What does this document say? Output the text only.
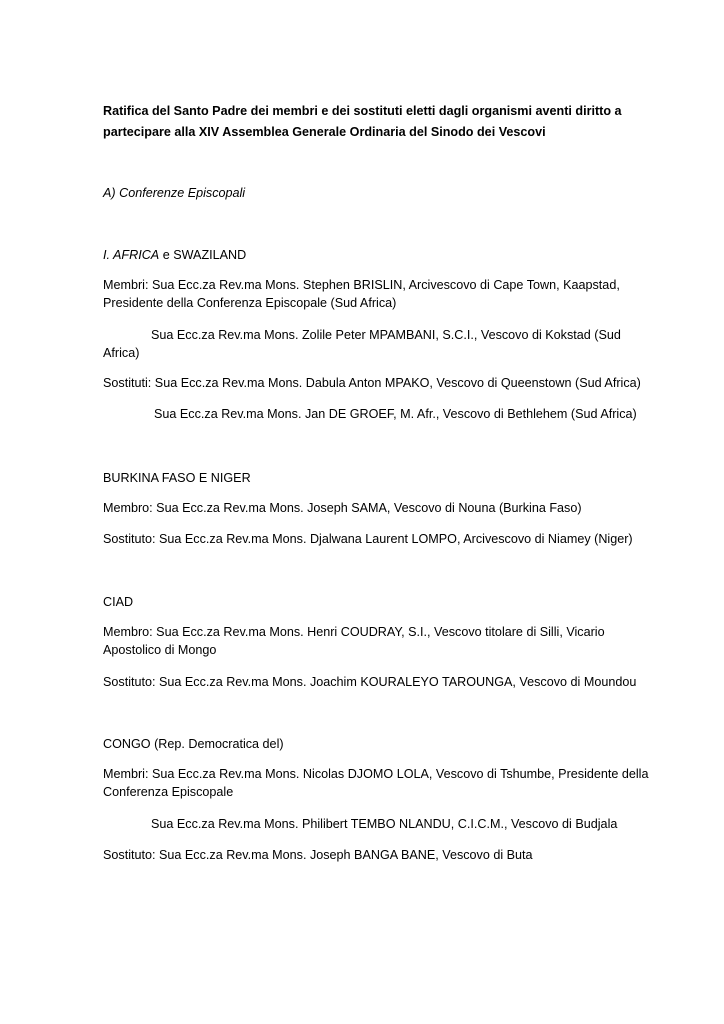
Ratifica del Santo Padre dei membri e dei sostituti eletti dagli organismi aventi diritto a
partecipare alla XIV Assemblea Generale Ordinaria del Sinodo dei Vescovi
A) Conferenze Episcopali
I. AFRICA e SWAZILAND
Membri: Sua Ecc.za Rev.ma Mons. Stephen BRISLIN, Arcivescovo di Cape Town, Kaapstad,
Presidente della Conferenza Episcopale (Sud Africa)
Sua Ecc.za Rev.ma Mons. Zolile Peter MPAMBANI, S.C.I., Vescovo di Kokstad (Sud
Africa)
Sostituti: Sua Ecc.za Rev.ma Mons. Dabula Anton MPAKO, Vescovo di Queenstown (Sud Africa)
Sua Ecc.za Rev.ma Mons. Jan DE GROEF, M. Afr., Vescovo di Bethlehem (Sud Africa)
BURKINA FASO E NIGER
Membro: Sua Ecc.za Rev.ma Mons. Joseph SAMA, Vescovo di Nouna (Burkina Faso)
Sostituto: Sua Ecc.za Rev.ma Mons. Djalwana Laurent LOMPO, Arcivescovo di Niamey (Niger)
CIAD
Membro: Sua Ecc.za Rev.ma Mons. Henri COUDRAY, S.I., Vescovo titolare di Silli, Vicario
Apostolico di Mongo
Sostituto: Sua Ecc.za Rev.ma Mons. Joachim KOURALEYO TAROUNGA, Vescovo di Moundou
CONGO (Rep. Democratica del)
Membri: Sua Ecc.za Rev.ma Mons. Nicolas DJOMO LOLA, Vescovo di Tshumbe, Presidente della
Conferenza Episcopale
Sua Ecc.za Rev.ma Mons. Philibert TEMBO NLANDU, C.I.C.M., Vescovo di Budjala
Sostituto: Sua Ecc.za Rev.ma Mons. Joseph BANGA BANE, Vescovo di Buta
